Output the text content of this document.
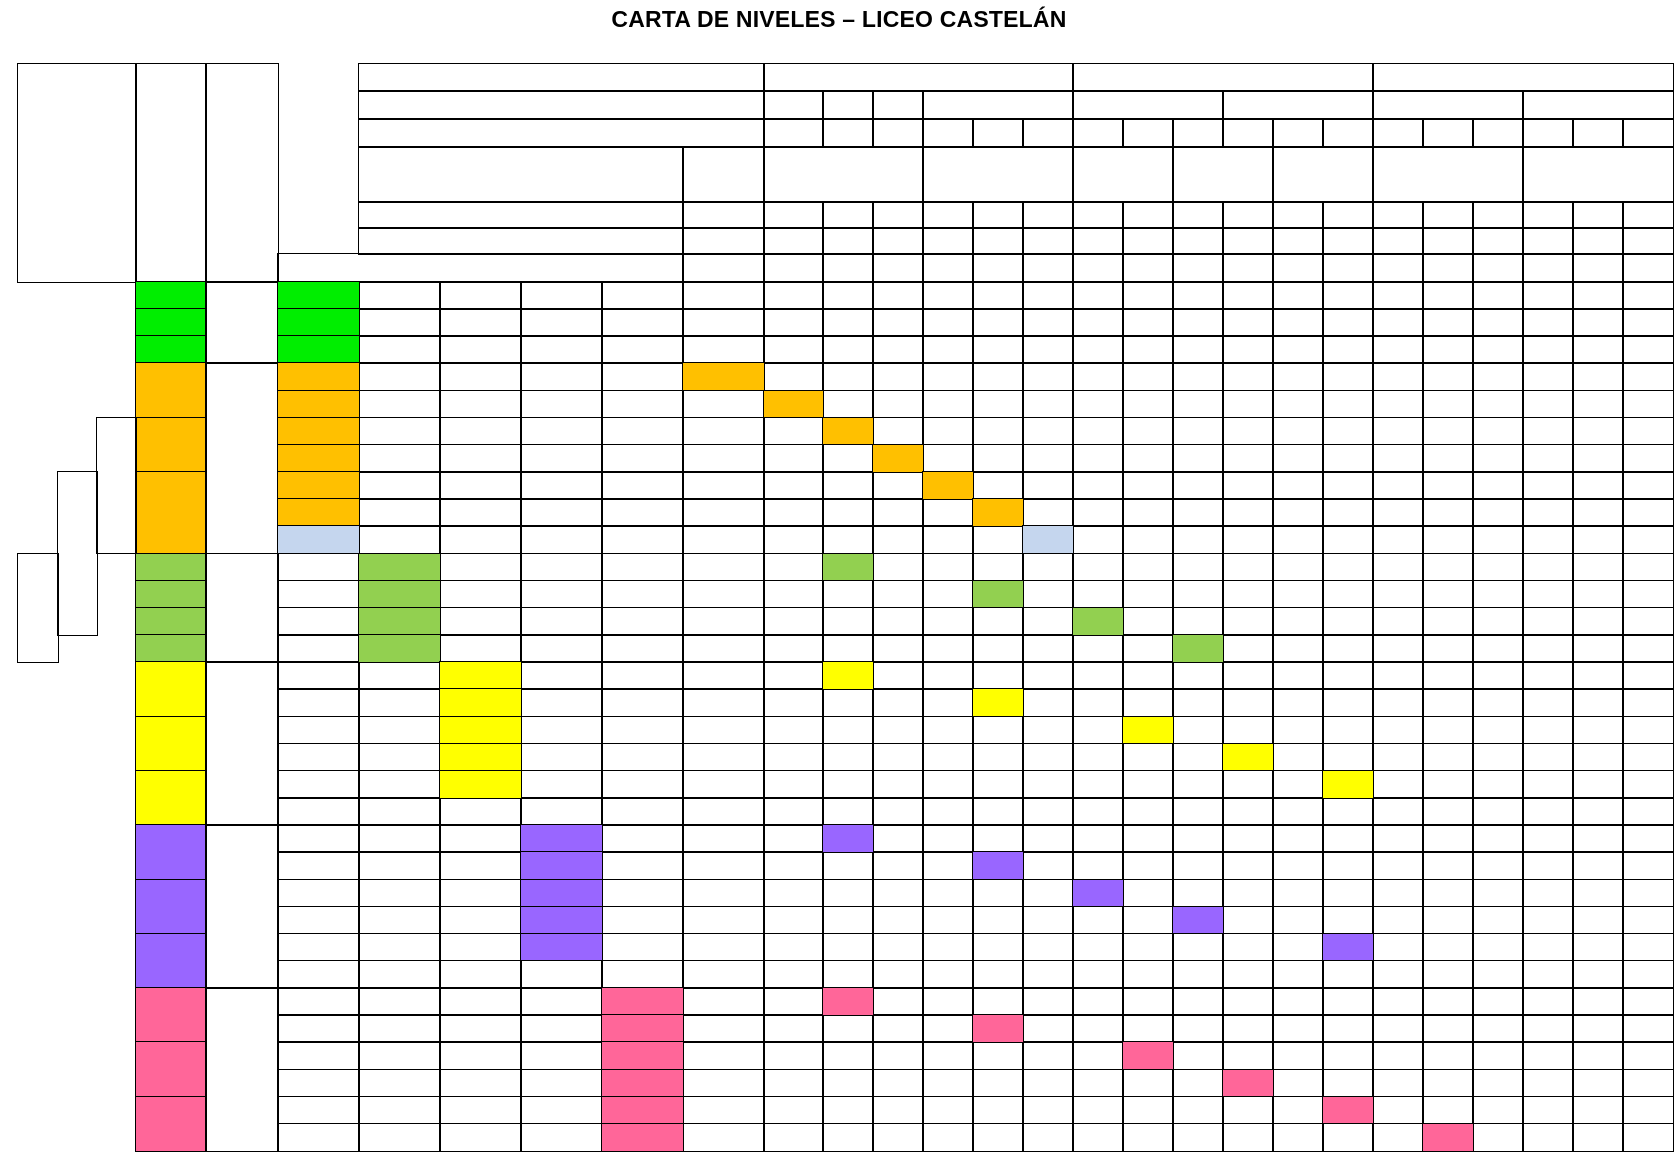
CARTA DE NIVELES – LICEO CASTELÁN
